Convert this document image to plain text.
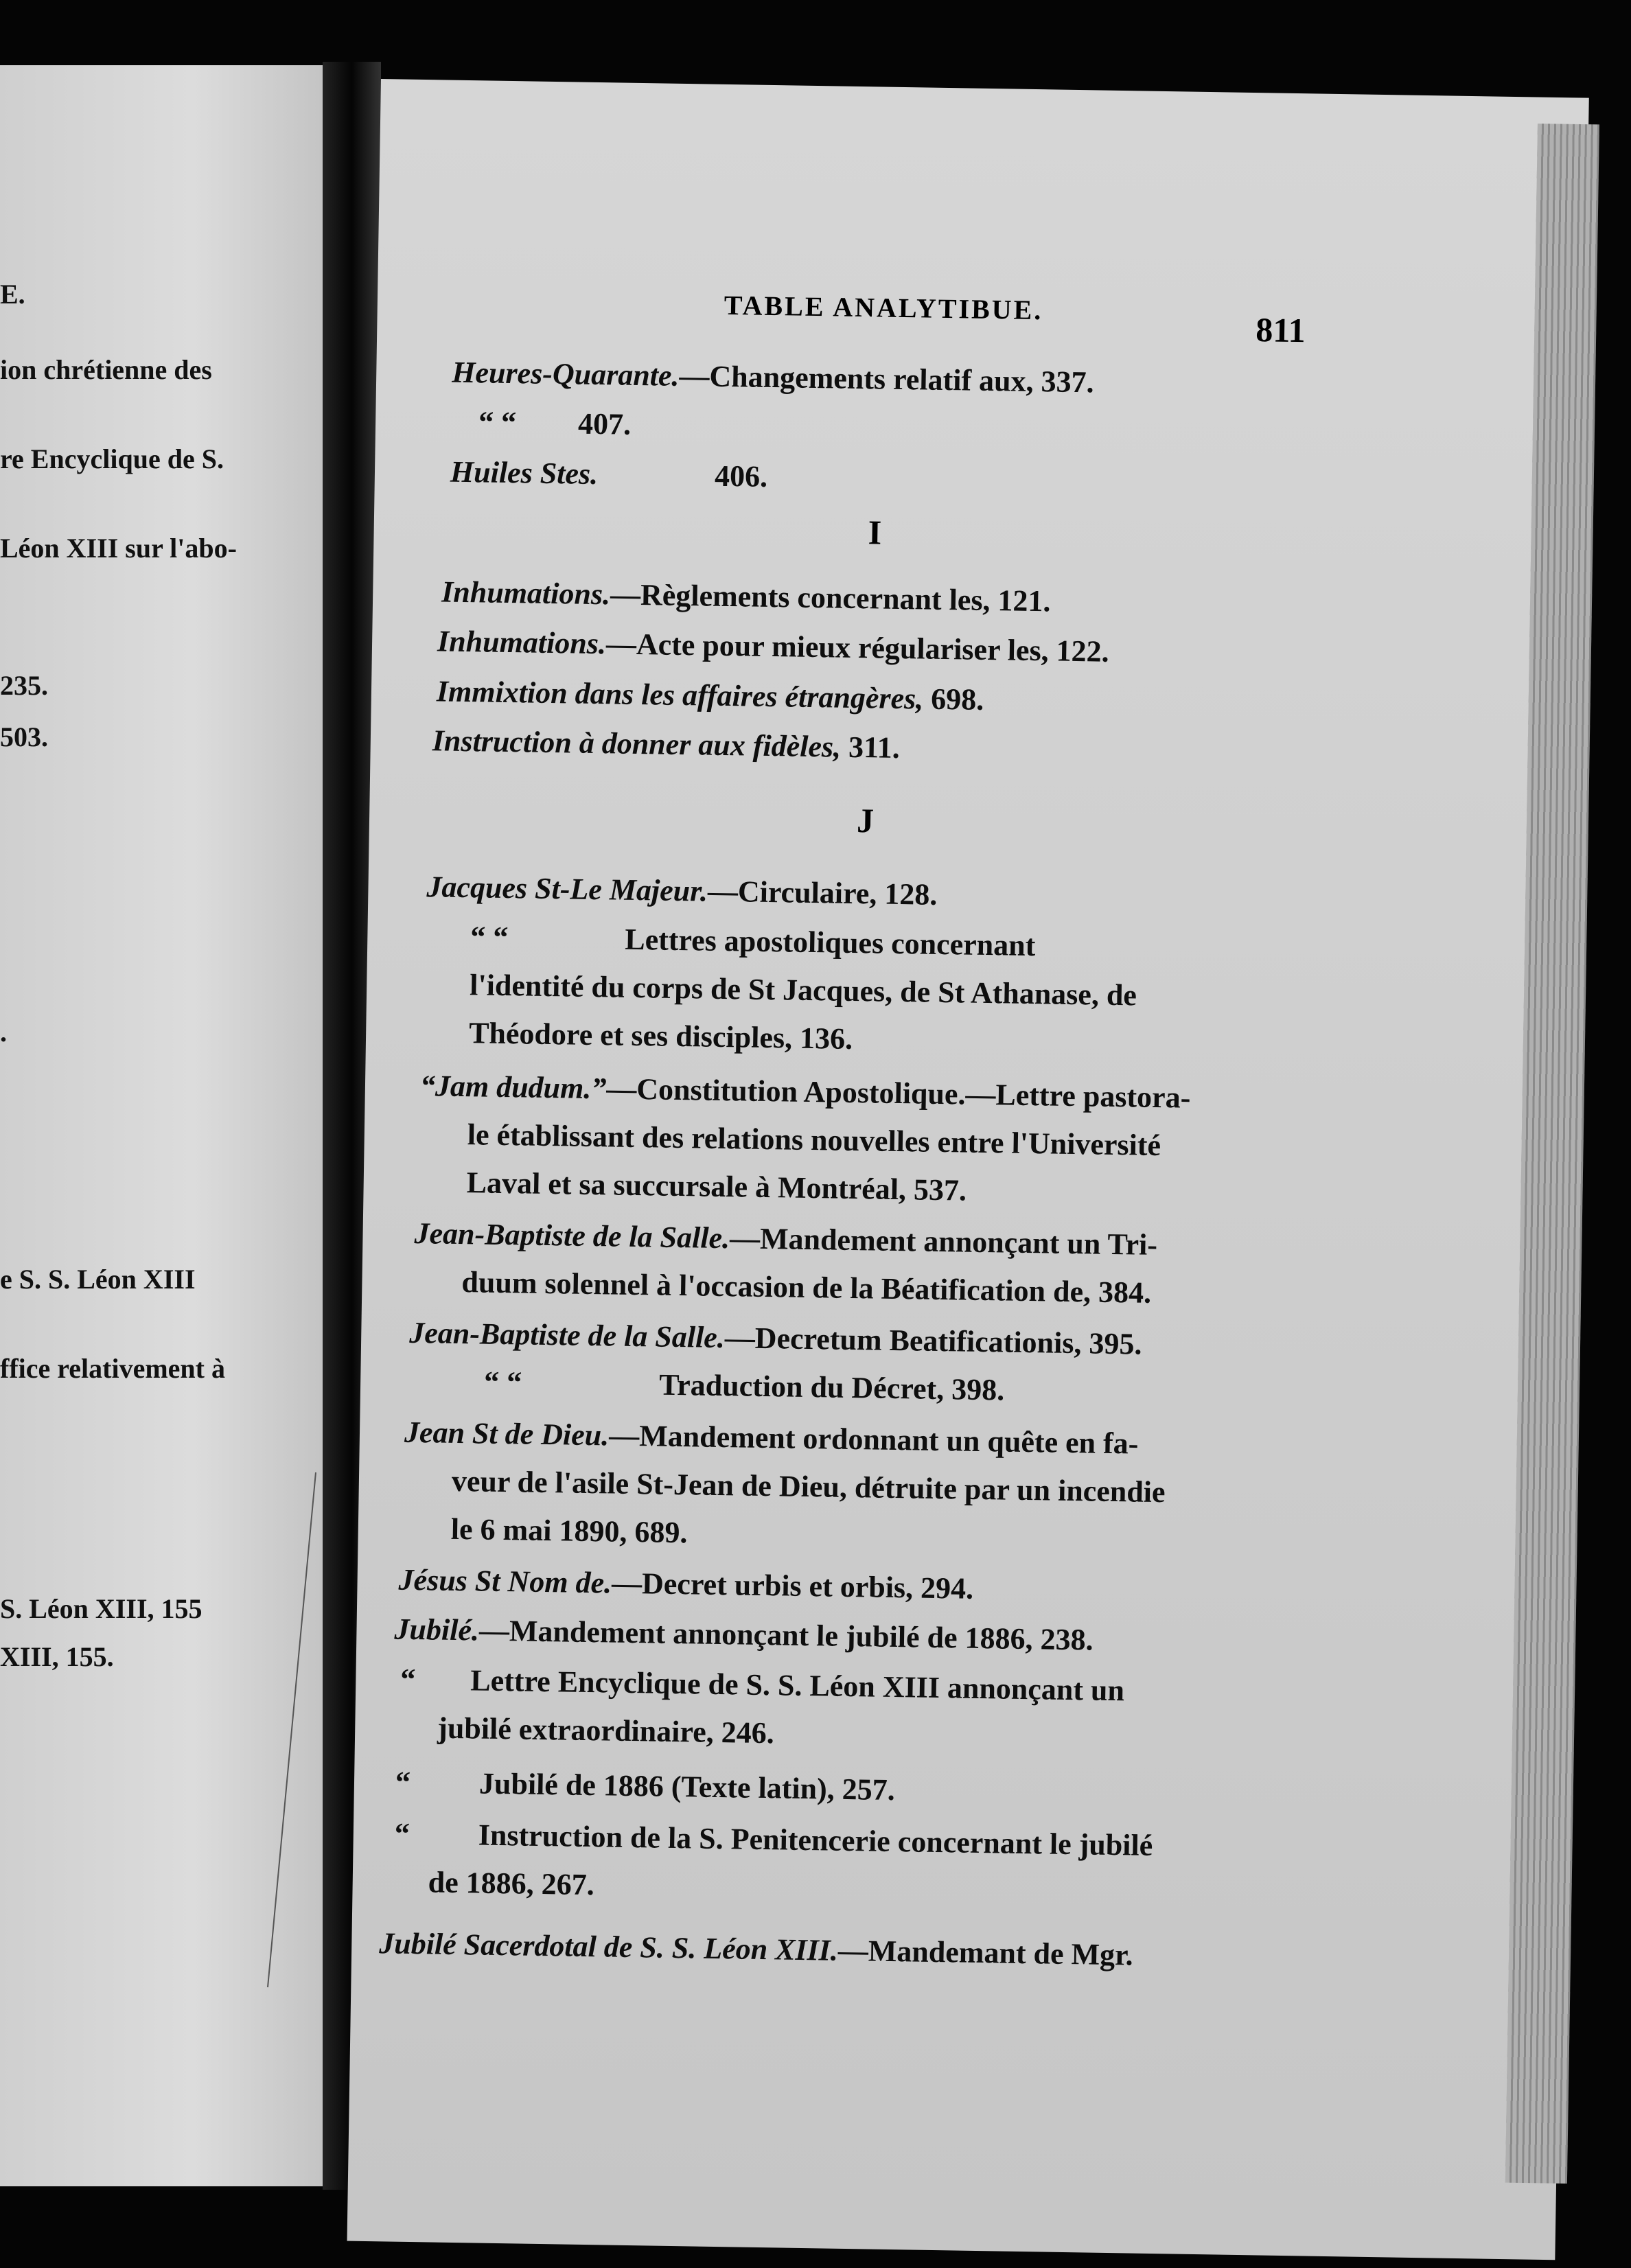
E.
ion chrétienne des
re Encyclique de S.
Léon XIII sur l'abo-
235.
503.
.
e S. S. Léon XIII
ffice relativement à
S. Léon XIII, 155
XIII, 155.
TABLE ANALYTIBUE.
811
Heures-Quarante.—Changements relatif aux, 337.
“ “ 407.
Huiles Stes.	406.
I
Inhumations.—Règlements concernant les, 121.
Inhumations.—Acte pour mieux régulariser les, 122.
Immixtion dans les affaires étrangères, 698.
Instruction à donner aux fidèles, 311.
J
Jacques St-Le Majeur.—Circulaire, 128.
“ “	Lettres apostoliques concernant
l'identité du corps de St Jacques, de St Athanase, de
Théodore et ses disciples, 136.
“Jam dudum.”—Constitution Apostolique.—Lettre pastora-
le établissant des relations nouvelles entre l'Université
Laval et sa succursale à Montréal, 537.
Jean-Baptiste de la Salle.—Mandement annonçant un Tri-
duum solennel à l'occasion de la Béatification de, 384.
Jean-Baptiste de la Salle.—Decretum Beatificationis, 395.
“ “	Traduction du Décret, 398.
Jean St de Dieu.—Mandement ordonnant un quête en fa-
veur de l'asile St-Jean de Dieu, détruite par un incendie
le 6 mai 1890, 689.
Jésus St Nom de.—Decret urbis et orbis, 294.
Jubilé.—Mandement annonçant le jubilé de 1886, 238.
“ Lettre Encyclique de S. S. Léon XIII annonçant un
jubilé extraordinaire, 246.
“ Jubilé de 1886 (Texte latin), 257.
“ Instruction de la S. Penitencerie concernant le jubilé
de 1886, 267.
Jubilé Sacerdotal de S. S. Léon XIII.—Mandemant de Mgr.
